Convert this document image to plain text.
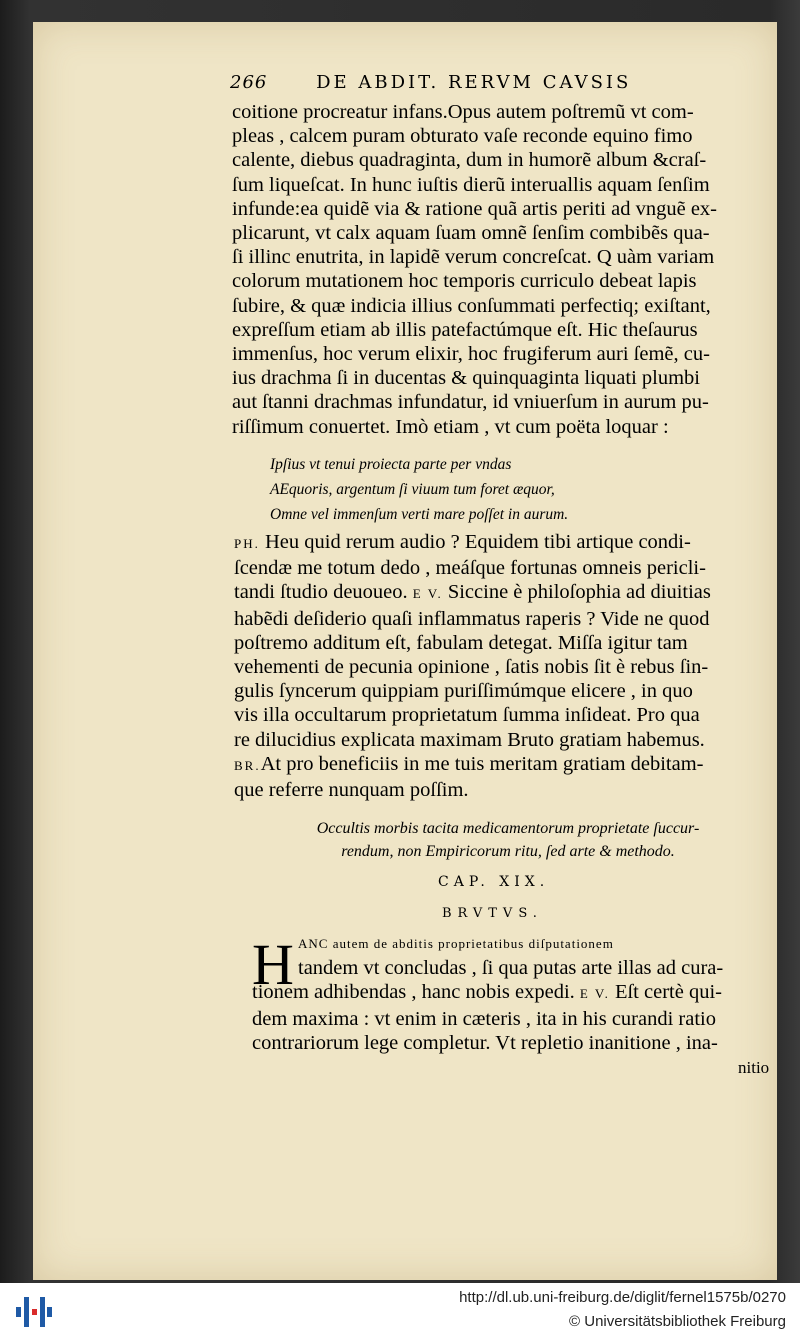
266	DE ABDIT. RERVM CAVSIS
coitione procreatur infans.Opus autem poſtremũ vt com-
pleas , calcem puram obturato vaſe reconde equino fimo
calente, diebus quadraginta, dum in humorẽ album &craſ-
ſum liqueſcat. In hunc iuſtis dierũ interuallis aquam ſenſim
infunde:ea quidẽ via & ratione quã artis periti ad vnguẽ ex-
plicarunt, vt calx aquam ſuam omnẽ ſenſim combibẽs qua-
ſi illinc enutrita, in lapidẽ verum concreſcat. Q uàm variam
colorum mutationem hoc temporis curriculo debeat lapis
ſubire, & quæ indicia illius conſummati perfectiq; exiſtant,
expreſſum etiam ab illis patefactúmque eſt. Hic theſaurus
immenſus, hoc verum elixir, hoc frugiferum auri ſemẽ, cu-
ius drachma ſi in ducentas & quinquaginta liquati plumbi
aut ſtanni drachmas infundatur, id vniuerſum in aurum pu-
riſſimum conuertet. Imò etiam , vt cum poëta loquar :
Ipſius vt tenui proiecta parte per vndas
AEquoris, argentum ſi viuum tum foret æquor,
Omne vel immenſum verti mare poſſet in aurum.
PH. Heu quid rerum audio ? Equidem tibi artique condi-
ſcendæ me totum dedo , meáſque fortunas omneis pericli-
tandi ſtudio deuoueo. E V. Siccine è philoſophia ad diuitias
habẽdi deſiderio quaſi inflammatus raperis ? Vide ne quod
poſtremo additum eſt, fabulam detegat. Miſſa igitur tam
vehementi de pecunia opinione , ſatis nobis ſit è rebus ſin-
gulis ſyncerum quippiam puriſſimúmque elicere , in quo
vis illa occultarum proprietatum ſumma inſideat. Pro qua
re dilucidius explicata maximam Bruto gratiam habemus.
BR.At pro beneficiis in me tuis meritam gratiam debitam-
que referre nunquam poſſim.
Occultis morbis tacita medicamentorum proprietate ſuccur-
rendum, non Empiricorum ritu, ſed arte & methodo.
CAP. XIX.
BRVTVS.
H ANC autem de abditis proprietatibus diſputationem
tandem vt concludas , ſi qua putas arte illas ad cura-
tionem adhibendas , hanc nobis expedi. E V. Eſt certè qui-
dem maxima : vt enim in cæteris , ita in his curandi ratio
contrariorum lege completur. Vt repletio inanitione , ina-
nitio
http://dl.ub.uni-freiburg.de/diglit/fernel1575b/0270
© Universitätsbibliothek Freiburg
